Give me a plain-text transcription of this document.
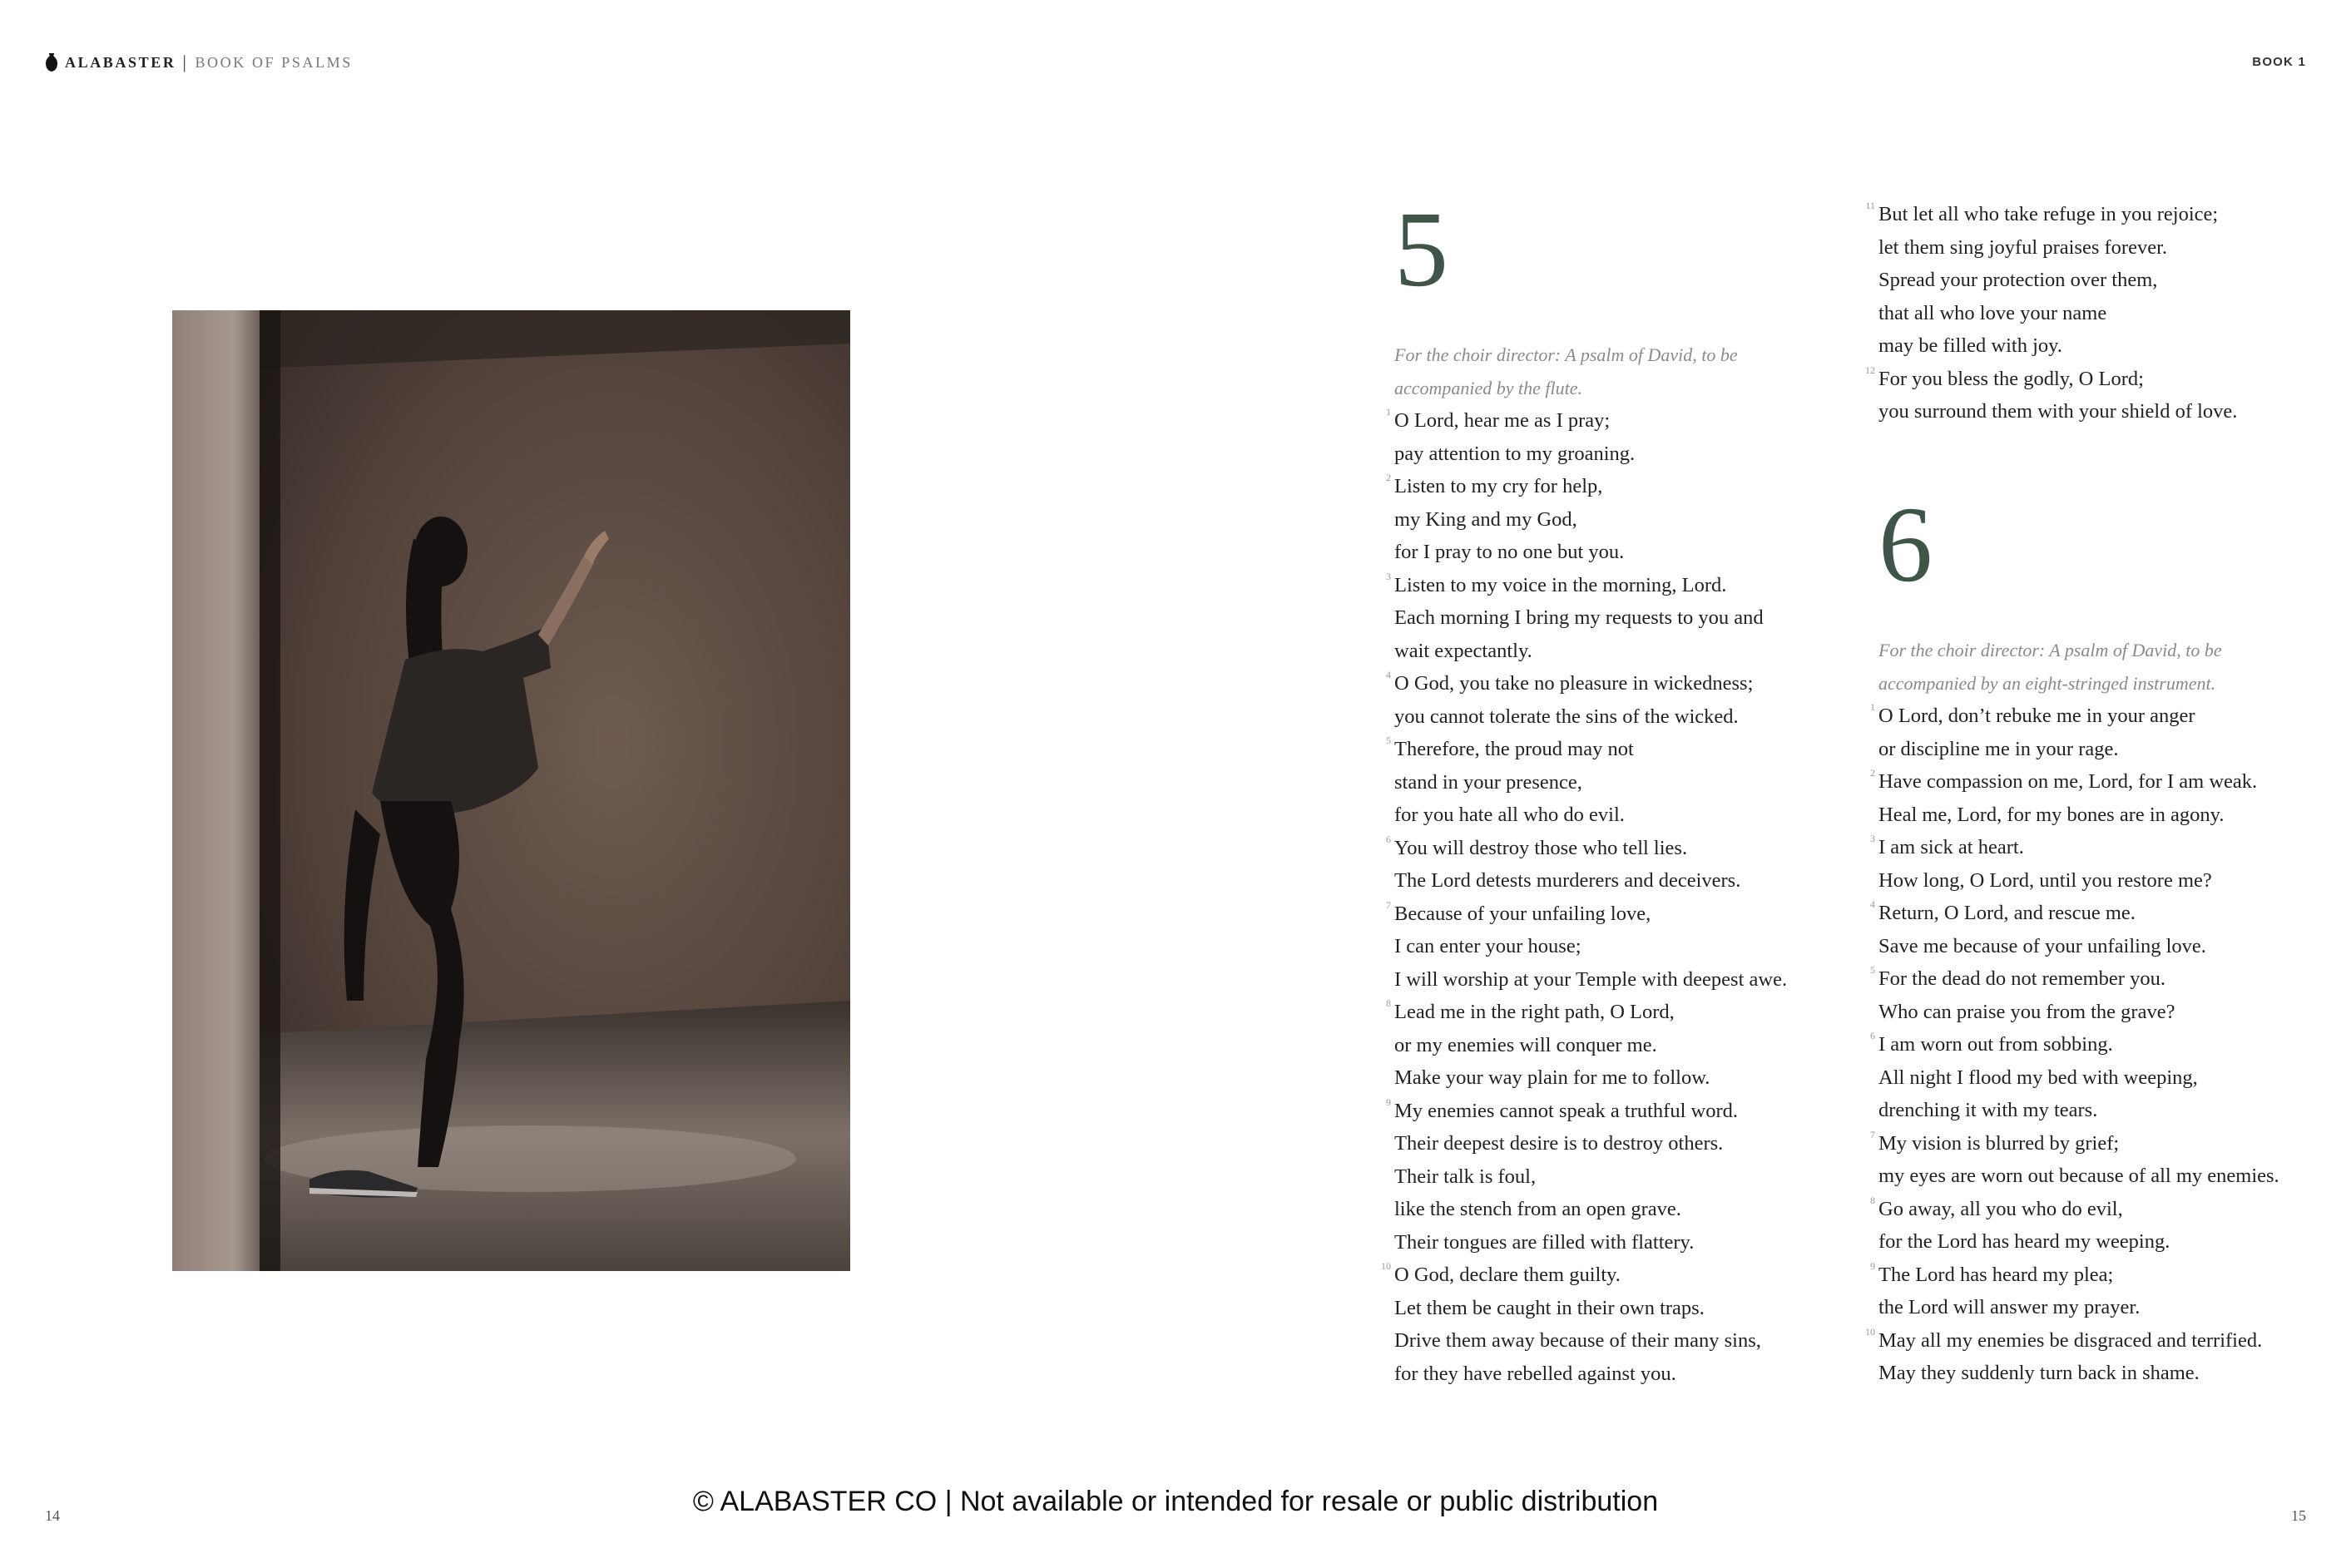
ALABASTER | BOOK OF PSALMS	BOOK 1
5

For the choir director: A psalm of David, to be
accompanied by the flute.

1 O Lord, hear me as I pray;
pay attention to my groaning.
2 Listen to my cry for help,
my King and my God,
for I pray to no one but you.
3 Listen to my voice in the morning, Lord.
Each morning I bring my requests to you and
wait expectantly.
4 O God, you take no pleasure in wickedness;
you cannot tolerate the sins of the wicked.
5 Therefore, the proud may not
stand in your presence,
for you hate all who do evil.
6 You will destroy those who tell lies.
The Lord detests murderers and deceivers.
7 Because of your unfailing love,
I can enter your house;
I will worship at your Temple with deepest awe.
8 Lead me in the right path, O Lord,
or my enemies will conquer me.
Make your way plain for me to follow.
9 My enemies cannot speak a truthful word.
Their deepest desire is to destroy others.
Their talk is foul,
like the stench from an open grave.
Their tongues are filled with flattery.
10 O God, declare them guilty.
Let them be caught in their own traps.
Drive them away because of their many sins,
for they have rebelled against you.
11 But let all who take refuge in you rejoice;
let them sing joyful praises forever.
Spread your protection over them,
that all who love your name
may be filled with joy.
12 For you bless the godly, O Lord;
you surround them with your shield of love.
6

For the choir director: A psalm of David, to be
accompanied by an eight-stringed instrument.

1 O Lord, don’t rebuke me in your anger
or discipline me in your rage.
2 Have compassion on me, Lord, for I am weak.
Heal me, Lord, for my bones are in agony.
3 I am sick at heart.
How long, O Lord, until you restore me?
4 Return, O Lord, and rescue me.
Save me because of your unfailing love.
5 For the dead do not remember you.
Who can praise you from the grave?
6 I am worn out from sobbing.
All night I flood my bed with weeping,
drenching it with my tears.
7 My vision is blurred by grief;
my eyes are worn out because of all my enemies.
8 Go away, all you who do evil,
for the Lord has heard my weeping.
9 The Lord has heard my plea;
the Lord will answer my prayer.
10 May all my enemies be disgraced and terrified.
May they suddenly turn back in shame.
14	15
© ALABASTER CO | Not available or intended for resale or public distribution
